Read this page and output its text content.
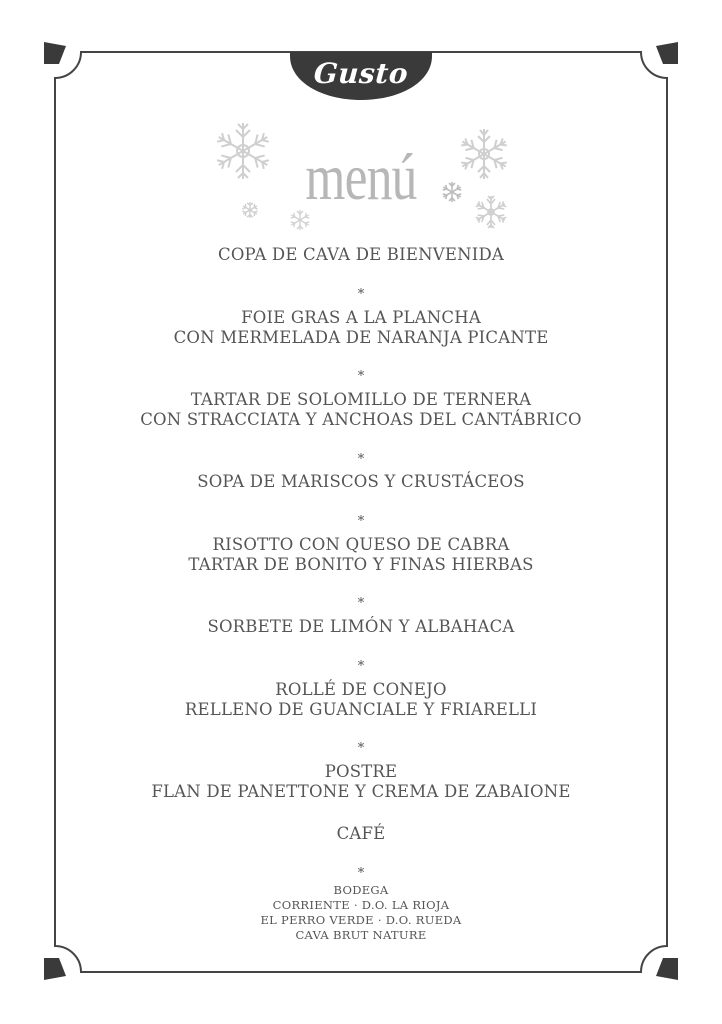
Gusto
menú
COPA DE CAVA DE BIENVENIDA
*
FOIE GRAS A LA PLANCHA
CON MERMELADA DE NARANJA PICANTE
*
TARTAR DE SOLOMILLO DE TERNERA
CON STRACCIATA Y ANCHOAS DEL CANTÁBRICO
*
SOPA DE MARISCOS Y CRUSTÁCEOS
*
RISOTTO CON QUESO DE CABRA
TARTAR DE BONITO Y FINAS HIERBAS
*
SORBETE DE LIMÓN Y ALBAHACA
*
ROLLÉ DE CONEJO
RELLENO DE GUANCIALE Y FRIARELLI
*
POSTRE
FLAN DE PANETTONE Y CREMA DE ZABAIONE
CAFÉ
*
BODEGA
CORRIENTE · D.O. LA RIOJA
EL PERRO VERDE · D.O. RUEDA
CAVA BRUT NATURE
